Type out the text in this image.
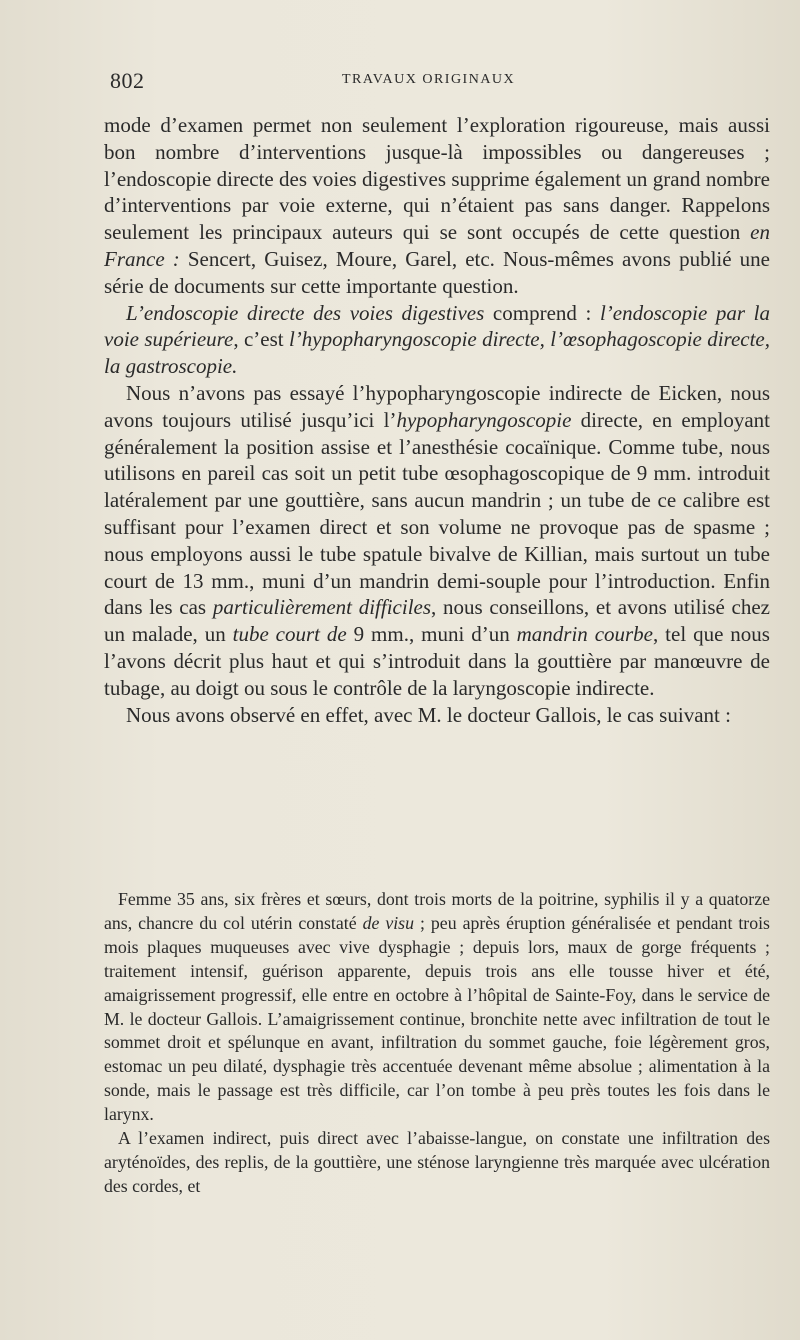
802	TRAVAUX ORIGINAUX

mode d’examen permet non seulement l’exploration rigoureuse, mais aussi bon nombre d’interventions jusque-là impossibles ou dangereuses ; l’endoscopie directe des voies digestives supprime également un grand nombre d’interventions par voie externe, qui n’étaient pas sans danger. Rappelons seulement les principaux auteurs qui se sont occupés de cette question en France : Sencert, Guisez, Moure, Garel, etc. Nous-mêmes avons publié une série de documents sur cette importante question.

L’endoscopie directe des voies digestives comprend : l’endoscopie par la voie supérieure, c’est l’hypopharyngoscopie directe, l’œsophagoscopie directe, la gastroscopie.

Nous n’avons pas essayé l’hypopharyngoscopie indirecte de Eicken, nous avons toujours utilisé jusqu’ici l’hypopharyngoscopie directe, en employant généralement la position assise et l’anesthésie cocaïnique. Comme tube, nous utilisons en pareil cas soit un petit tube œsophagoscopique de 9 mm. introduit latéralement par une gouttière, sans aucun mandrin ; un tube de ce calibre est suffisant pour l’examen direct et son volume ne provoque pas de spasme ; nous employons aussi le tube spatule bivalve de Killian, mais surtout un tube court de 13 mm., muni d’un mandrin demi-souple pour l’introduction. Enfin dans les cas particulièrement difficiles, nous conseillons, et avons utilisé chez un malade, un tube court de 9 mm., muni d’un mandrin courbe, tel que nous l’avons décrit plus haut et qui s’introduit dans la gouttière par manœuvre de tubage, au doigt ou sous le contrôle de la laryngoscopie indirecte.

Nous avons observé en effet, avec M. le docteur Gallois, le cas suivant :

Femme 35 ans, six frères et sœurs, dont trois morts de la poitrine, syphilis il y a quatorze ans, chancre du col utérin constaté de visu ; peu après éruption généralisée et pendant trois mois plaques muqueuses avec vive dysphagie ; depuis lors, maux de gorge fréquents ; traitement intensif, guérison apparente, depuis trois ans elle tousse hiver et été, amaigrissement progressif, elle entre en octobre à l’hôpital de Sainte-Foy, dans le service de M. le docteur Gallois. L’amaigrissement continue, bronchite nette avec infiltration de tout le sommet droit et spélunque en avant, infiltration du sommet gauche, foie légèrement gros, estomac un peu dilaté, dysphagie très accentuée devenant même absolue ; alimentation à la sonde, mais le passage est très difficile, car l’on tombe à peu près toutes les fois dans le larynx.

A l’examen indirect, puis direct avec l’abaisse-langue, on constate une infiltration des aryténoïdes, des replis, de la gouttière, une sténose laryngienne très marquée avec ulcération des cordes, et
